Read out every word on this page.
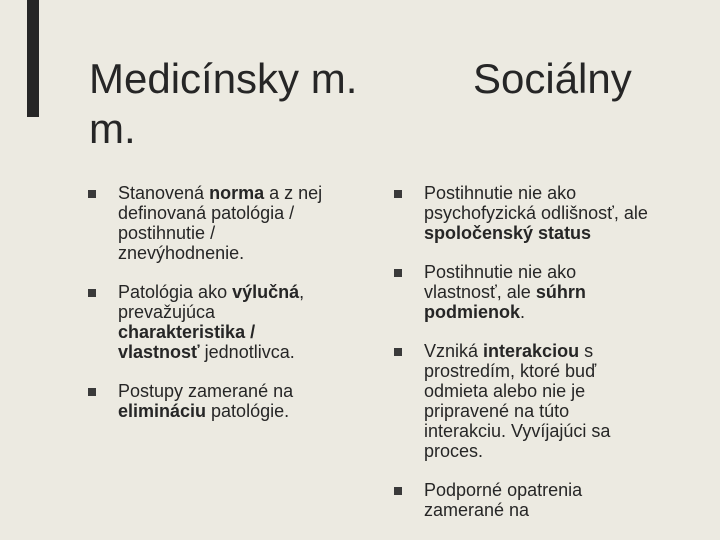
Medicínsky m. m.
Sociálny
Stanovená norma a z nej definovaná patológia / postihnutie / znevýhodnenie.
Patológia ako výlučná, prevažujúca charakteristika / vlastnosť jednotlivca.
Postupy zamerané na elimináciu patológie.
Postihnutie nie ako psychofyzická odlišnosť, ale spoločenský status
Postihnutie nie ako vlastnosť, ale súhrn podmienok.
Vzniká interakciou s prostredím, ktoré buď odmieta alebo nie je pripravené na túto interakciu. Vyvíjajúci sa proces.
Podporné opatrenia zamerané na
